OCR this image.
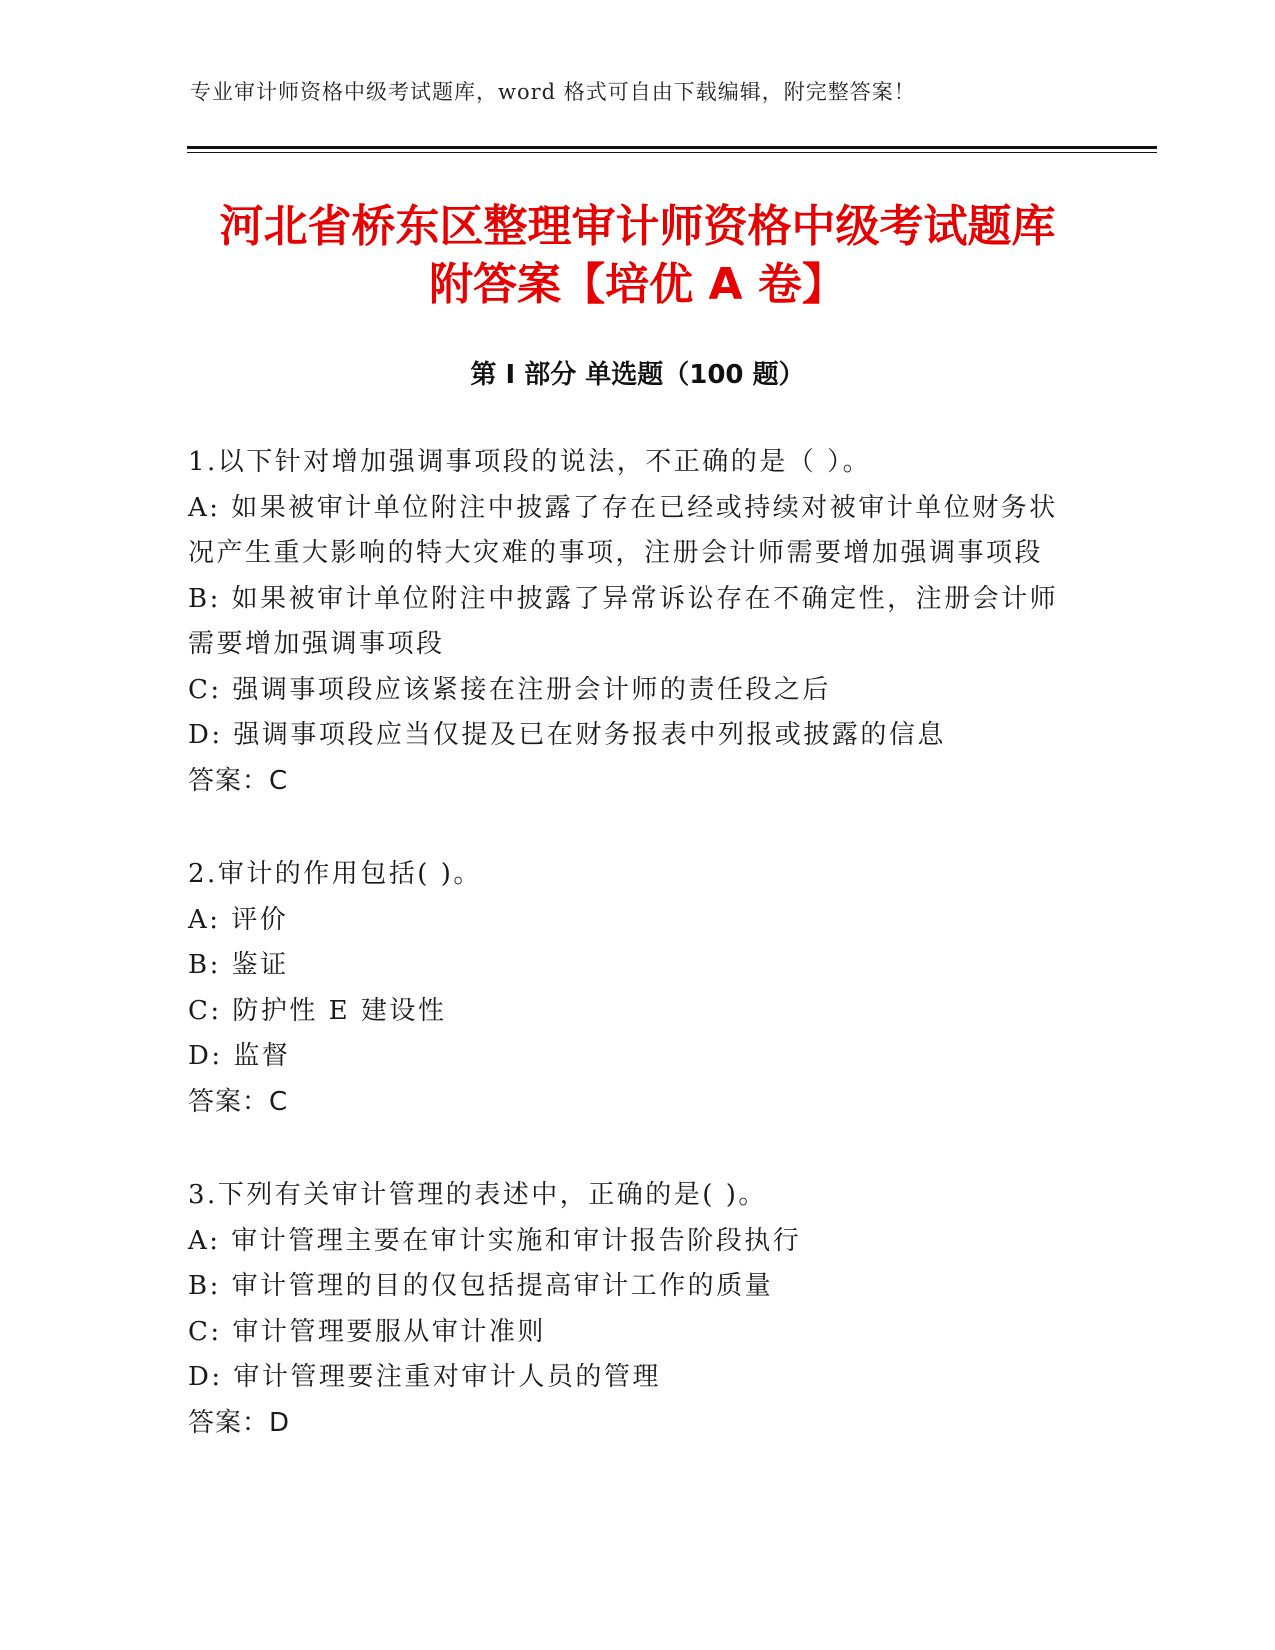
专业审计师资格中级考试题库，word 格式可自由下载编辑，附完整答案！
河北省桥东区整理审计师资格中级考试题库
附答案【培优 A 卷】
第 I 部分 单选题（100 题）
1.以下针对增加强调事项段的说法，不正确的是（ ）。
A: 如果被审计单位附注中披露了存在已经或持续对被审计单位财务状
况产生重大影响的特大灾难的事项，注册会计师需要增加强调事项段
B: 如果被审计单位附注中披露了异常诉讼存在不确定性，注册会计师
需要增加强调事项段
C: 强调事项段应该紧接在注册会计师的责任段之后
D: 强调事项段应当仅提及已在财务报表中列报或披露的信息
答案：C
2.审计的作用包括( )。
A: 评价
B: 鉴证
C: 防护性 E 建设性
D: 监督
答案：C
3.下列有关审计管理的表述中，正确的是( )。
A: 审计管理主要在审计实施和审计报告阶段执行
B: 审计管理的目的仅包括提高审计工作的质量
C: 审计管理要服从审计准则
D: 审计管理要注重对审计人员的管理
答案：D
